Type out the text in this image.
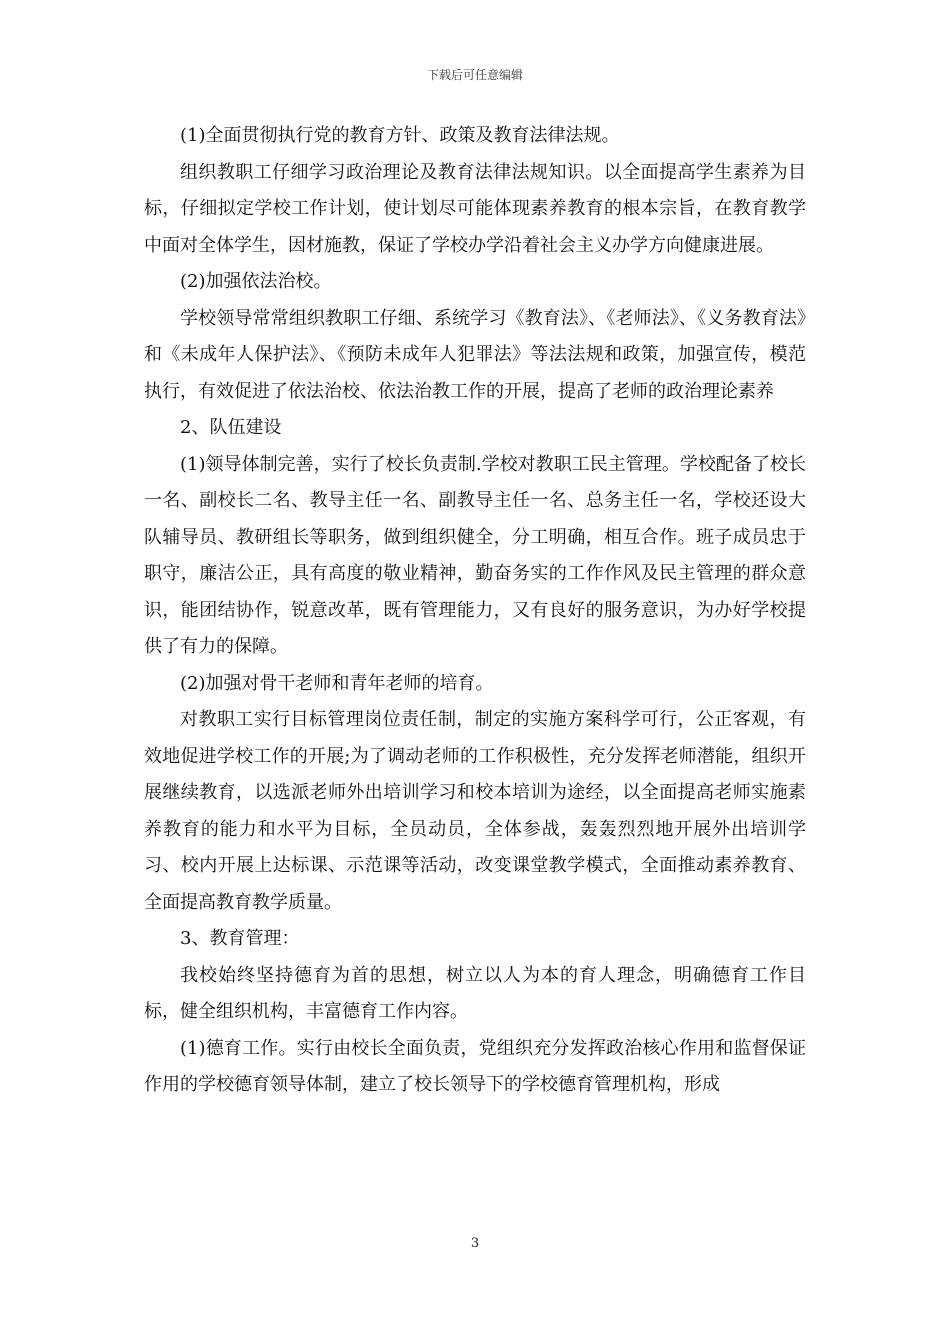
下载后可任意编辑

(1)全面贯彻执行党的教育方针、政策及教育法律法规。

组织教职工仔细学习政治理论及教育法律法规知识。以全面提高学生素养为目标，仔细拟定学校工作计划，使计划尽可能体现素养教育的根本宗旨，在教育教学中面对全体学生，因材施教，保证了学校办学沿着社会主义办学方向健康进展。

(2)加强依法治校。

学校领导常常组织教职工仔细、系统学习《教育法》、《老师法》、《义务教育法》和《未成年人保护法》、《预防未成年人犯罪法》等法法规和政策，加强宣传，模范执行，有效促进了依法治校、依法治教工作的开展，提高了老师的政治理论素养

2、队伍建设

(1)领导体制完善，实行了校长负责制.学校对教职工民主管理。学校配备了校长一名、副校长二名、教导主任一名、副教导主任一名、总务主任一名，学校还设大队辅导员、教研组长等职务，做到组织健全，分工明确，相互合作。班子成员忠于职守，廉洁公正，具有高度的敬业精神，勤奋务实的工作作风及民主管理的群众意识，能团结协作，锐意改革，既有管理能力，又有良好的服务意识，为办好学校提供了有力的保障。

(2)加强对骨干老师和青年老师的培育。

对教职工实行目标管理岗位责任制，制定的实施方案科学可行，公正客观，有效地促进学校工作的开展;为了调动老师的工作积极性，充分发挥老师潜能，组织开展继续教育，以选派老师外出培训学习和校本培训为途经，以全面提高老师实施素养教育的能力和水平为目标，全员动员，全体参战，轰轰烈烈地开展外出培训学习、校内开展上达标课、示范课等活动，改变课堂教学模式，全面推动素养教育、全面提高教育教学质量。

3、教育管理：

我校始终坚持德育为首的思想，树立以人为本的育人理念，明确德育工作目标，健全组织机构，丰富德育工作内容。

(1)德育工作。实行由校长全面负责，党组织充分发挥政治核心作用和监督保证作用的学校德育领导体制，建立了校长领导下的学校德育管理机构，形成

3
